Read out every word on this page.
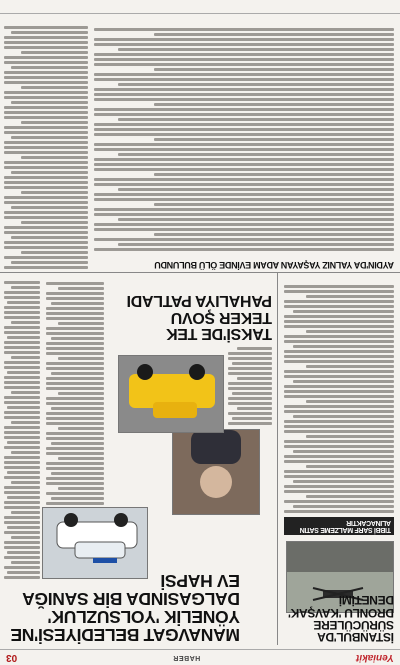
Yeniakit
HABER
03
MANAVGAT BELEDİYESİ'NE YÖNELİK 'YOLSUZLUK' DALGASINDA BİR SANIĞA EV HAPSİ
İSTANBUL'DA SÜRÜCÜLERE DRONLU 'KAVŞAK' DENETİMİ
TIBBİ SARF MALZEME SATIN ALINACAKTIR
TAKSİ'DE TEK TEKER ŞOVU PAHALIYA PATLADI
AYDIN'DA YALNIZ YAŞAYAN ADAM EVİNDE ÖLÜ BULUNDU
